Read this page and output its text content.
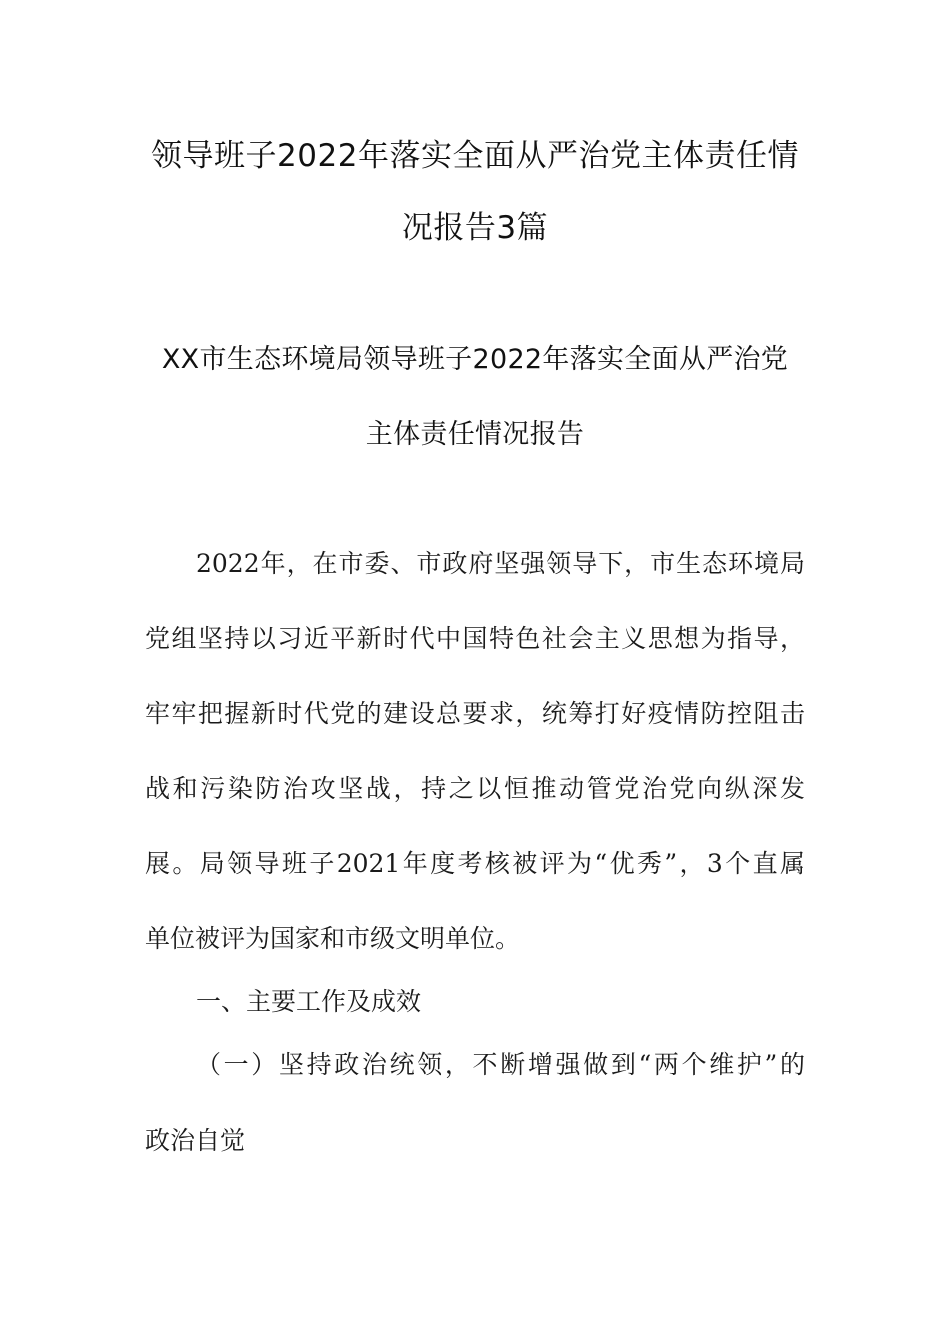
领导班子2022年落实全面从严治党主体责任情
况报告3篇
XX市生态环境局领导班子2022年落实全面从严治党
主体责任情况报告
2022年，在市委、市政府坚强领导下，市生态环境局
党组坚持以习近平新时代中国特色社会主义思想为指导，
牢牢把握新时代党的建设总要求，统筹打好疫情防控阻击
战和污染防治攻坚战，持之以恒推动管党治党向纵深发
展。局领导班子2021年度考核被评为“优秀”，3个直属
单位被评为国家和市级文明单位。
一、主要工作及成效
（一）坚持政治统领，不断增强做到“两个维护”的
政治自觉
